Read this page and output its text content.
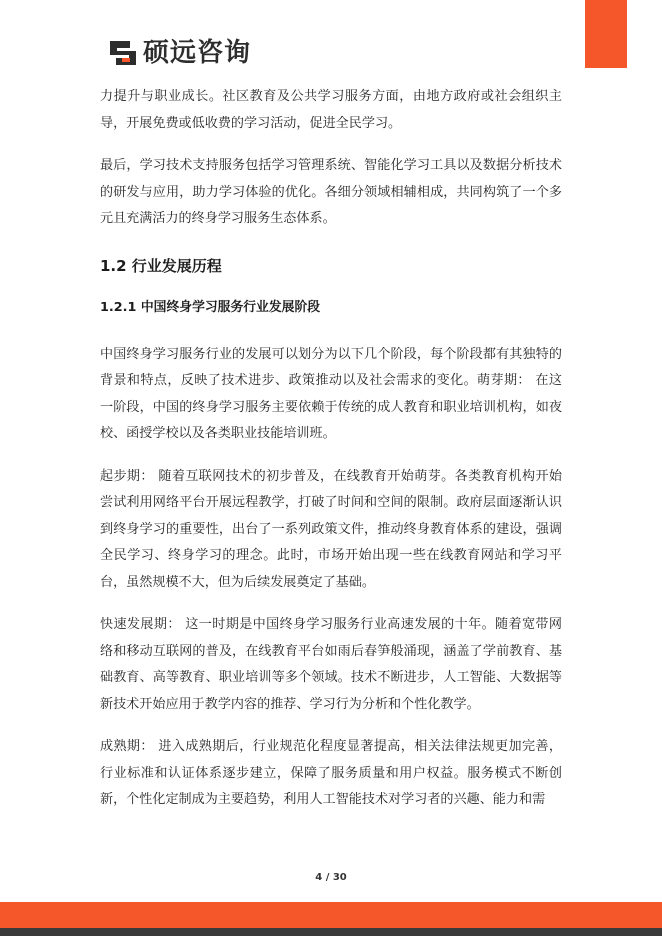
硕远咨询

力提升与职业成长。社区教育及公共学习服务方面，由地方政府或社会组织主导，开展免费或低收费的学习活动，促进全民学习。

最后，学习技术支持服务包括学习管理系统、智能化学习工具以及数据分析技术的研发与应用，助力学习体验的优化。各细分领域相辅相成，共同构筑了一个多元且充满活力的终身学习服务生态体系。

1.2 行业发展历程
1.2.1 中国终身学习服务行业发展阶段

中国终身学习服务行业的发展可以划分为以下几个阶段，每个阶段都有其独特的背景和特点，反映了技术进步、政策推动以及社会需求的变化。萌芽期： 在这一阶段，中国的终身学习服务主要依赖于传统的成人教育和职业培训机构，如夜校、函授学校以及各类职业技能培训班。

起步期： 随着互联网技术的初步普及，在线教育开始萌芽。各类教育机构开始尝试利用网络平台开展远程教学，打破了时间和空间的限制。政府层面逐渐认识到终身学习的重要性，出台了一系列政策文件，推动终身教育体系的建设，强调全民学习、终身学习的理念。此时，市场开始出现一些在线教育网站和学习平台，虽然规模不大，但为后续发展奠定了基础。

快速发展期： 这一时期是中国终身学习服务行业高速发展的十年。随着宽带网络和移动互联网的普及，在线教育平台如雨后春笋般涌现，涵盖了学前教育、基础教育、高等教育、职业培训等多个领域。技术不断进步，人工智能、大数据等新技术开始应用于教学内容的推荐、学习行为分析和个性化教学。

成熟期： 进入成熟期后，行业规范化程度显著提高，相关法律法规更加完善，行业标准和认证体系逐步建立，保障了服务质量和用户权益。服务模式不断创新，个性化定制成为主要趋势，利用人工智能技术对学习者的兴趣、能力和需

4 / 30
